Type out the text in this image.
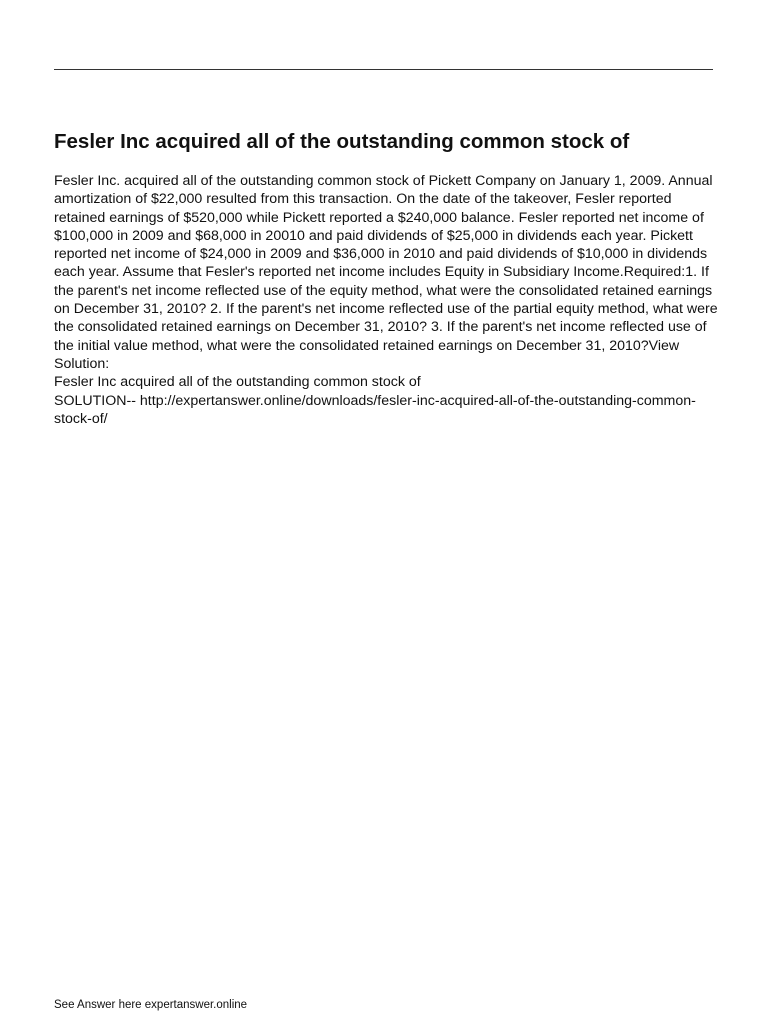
Fesler Inc acquired all of the outstanding common stock of

Fesler Inc. acquired all of the outstanding common stock of Pickett Company on January 1, 2009. Annual amortization of $22,000 resulted from this transaction. On the date of the takeover, Fesler reported retained earnings of $520,000 while Pickett reported a $240,000 balance. Fesler reported net income of $100,000 in 2009 and $68,000 in 20010 and paid dividends of $25,000 in dividends each year. Pickett reported net income of $24,000 in 2009 and $36,000 in 2010 and paid dividends of $10,000 in dividends each year. Assume that Fesler's reported net income includes Equity in Subsidiary Income.Required:1. If the parent's net income reflected use of the equity method, what were the consolidated retained earnings on December 31, 2010? 2. If the parent's net income reflected use of the partial equity method, what were the consolidated retained earnings on December 31, 2010? 3. If the parent's net income reflected use of the initial value method, what were the consolidated retained earnings on December 31, 2010?View Solution:

Fesler Inc acquired all of the outstanding common stock of

SOLUTION-- http://expertanswer.online/downloads/fesler-inc-acquired-all-of-the-outstanding-common-stock-of/

See Answer here expertanswer.online
